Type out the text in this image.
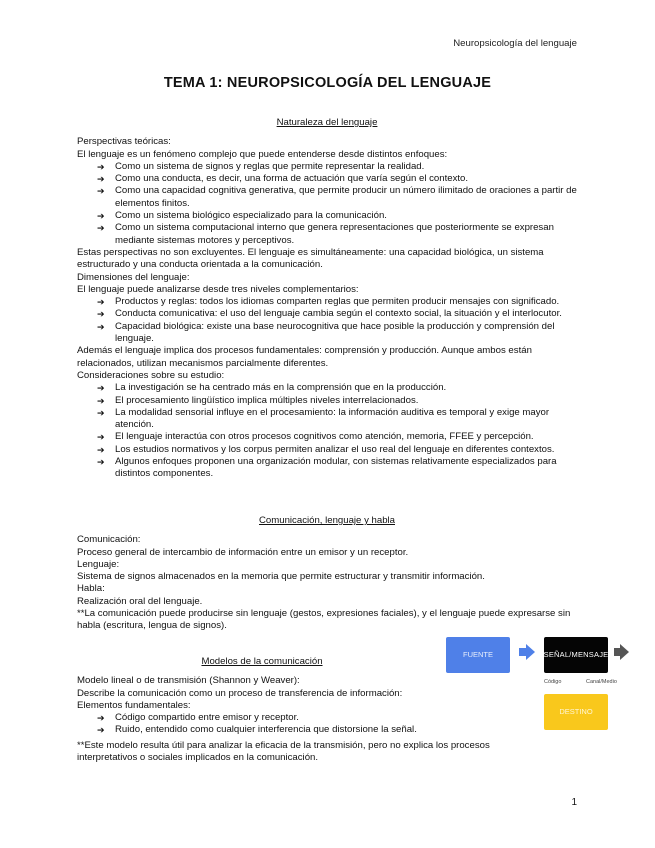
Neuropsicología del lenguaje
TEMA 1: NEUROPSICOLOGÍA DEL LENGUAJE

Naturaleza del lenguaje

Perspectivas teóricas:

El lenguaje es un fenómeno complejo que puede entenderse desde distintos enfoques:

➔ Como un sistema de signos y reglas que permite representar la realidad.
➔ Como una conducta, es decir, una forma de actuación que varía según el contexto.
➔ Como una capacidad cognitiva generativa, que permite producir un número ilimitado de oraciones a partir de elementos finitos.
➔ Como un sistema biológico especializado para la comunicación.
➔ Como un sistema computacional interno que genera representaciones que posteriormente se expresan mediante sistemas motores y perceptivos.

Estas perspectivas no son excluyentes. El lenguaje es simultáneamente: una capacidad biológica, un sistema estructurado y una conducta orientada a la comunicación.

Dimensiones del lenguaje:

El lenguaje puede analizarse desde tres niveles complementarios:

➔ Productos y reglas: todos los idiomas comparten reglas que permiten producir mensajes con significado.
➔ Conducta comunicativa: el uso del lenguaje cambia según el contexto social, la situación y el interlocutor.
➔ Capacidad biológica: existe una base neurocognitiva que hace posible la producción y comprensión del lenguaje.

Además el lenguaje implica dos procesos fundamentales: comprensión y producción. Aunque ambos están relacionados, utilizan mecanismos parcialmente diferentes.

Consideraciones sobre su estudio:

➔ La investigación se ha centrado más en la comprensión que en la producción.
➔ El procesamiento lingüístico implica múltiples niveles interrelacionados.
➔ La modalidad sensorial influye en el procesamiento: la información auditiva es temporal y exige mayor atención.
➔ El lenguaje interactúa con otros procesos cognitivos como atención, memoria, FFEE y percepción.
➔ Los estudios normativos y los corpus permiten analizar el uso real del lenguaje en diferentes contextos.
➔ Algunos enfoques proponen una organización modular, con sistemas relativamente especializados para distintos componentes.

Comunicación, lenguaje y habla

Comunicación:

Proceso general de intercambio de información entre un emisor y un receptor.

Lenguaje:

Sistema de signos almacenados en la memoria que permite estructurar y transmitir información.

Habla:

Realización oral del lenguaje.

**La comunicación puede producirse sin lenguaje (gestos, expresiones faciales), y el lenguaje puede expresarse sin habla (escritura, lengua de signos).

Modelos de la comunicación

Modelo lineal o de transmisión (Shannon y Weaver):

Describe la comunicación como un proceso de transferencia de información:

Elementos fundamentales:

➔ Código compartido entre emisor y receptor.
➔ Ruido, entendido como cualquier interferencia que distorsione la señal.

**Este modelo resulta útil para analizar la eficacia de la transmisión, pero no explica los procesos interpretativos o sociales implicados en la comunicación.

FUENTE	SEÑAL/MENSAJE
Código	Canal/Medio
DESTINO
1
